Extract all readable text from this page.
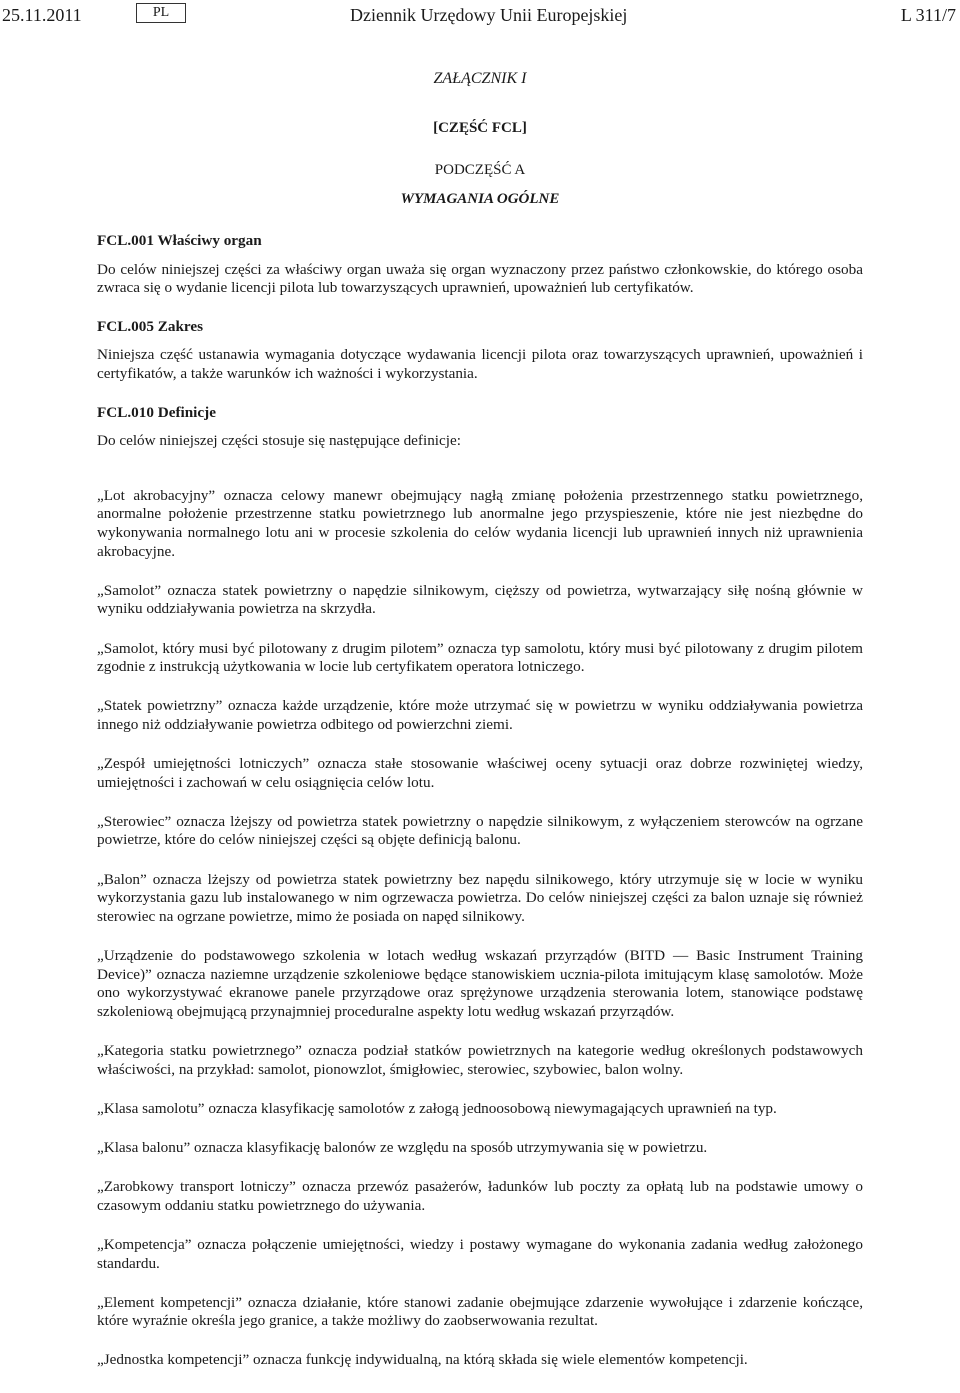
25.11.2011	PL	Dziennik Urzędowy Unii Europejskiej	L 311/7
ZAŁĄCZNIK I
[CZĘŚĆ FCL]
PODCZĘŚĆ A
WYMAGANIA OGÓLNE
FCL.001 Właściwy organ

Do celów niniejszej części za właściwy organ uważa się organ wyznaczony przez państwo członkowskie, do którego osoba zwraca się o wydanie licencji pilota lub towarzyszących uprawnień, upoważnień lub certyfikatów.

FCL.005 Zakres

Niniejsza część ustanawia wymagania dotyczące wydawania licencji pilota oraz towarzyszących uprawnień, upoważnień i certyfikatów, a także warunków ich ważności i wykorzystania.

FCL.010 Definicje

Do celów niniejszej części stosuje się następujące definicje:

„Lot akrobacyjny” oznacza celowy manewr obejmujący nagłą zmianę położenia przestrzennego statku powietrznego, anormalne położenie przestrzenne statku powietrznego lub anormalne jego przyspieszenie, które nie jest niezbędne do wykonywania normalnego lotu ani w procesie szkolenia do celów wydania licencji lub uprawnień innych niż uprawnienia akrobacyjne.

„Samolot” oznacza statek powietrzny o napędzie silnikowym, cięższy od powietrza, wytwarzający siłę nośną głównie w wyniku oddziaływania powietrza na skrzydła.

„Samolot, który musi być pilotowany z drugim pilotem” oznacza typ samolotu, który musi być pilotowany z drugim pilotem zgodnie z instrukcją użytkowania w locie lub certyfikatem operatora lotniczego.

„Statek powietrzny” oznacza każde urządzenie, które może utrzymać się w powietrzu w wyniku oddziaływania powietrza innego niż oddziaływanie powietrza odbitego od powierzchni ziemi.

„Zespół umiejętności lotniczych” oznacza stałe stosowanie właściwej oceny sytuacji oraz dobrze rozwiniętej wiedzy, umiejętności i zachowań w celu osiągnięcia celów lotu.

„Sterowiec” oznacza lżejszy od powietrza statek powietrzny o napędzie silnikowym, z wyłączeniem sterowców na ogrzane powietrze, które do celów niniejszej części są objęte definicją balonu.

„Balon” oznacza lżejszy od powietrza statek powietrzny bez napędu silnikowego, który utrzymuje się w locie w wyniku wykorzystania gazu lub instalowanego w nim ogrzewacza powietrza. Do celów niniejszej części za balon uznaje się również sterowiec na ogrzane powietrze, mimo że posiada on napęd silnikowy.

„Urządzenie do podstawowego szkolenia w lotach według wskazań przyrządów (BITD — Basic Instrument Training Device)” oznacza naziemne urządzenie szkoleniowe będące stanowiskiem ucznia-pilota imitującym klasę samolotów. Może ono wykorzystywać ekranowe panele przyrządowe oraz sprężynowe urządzenia sterowania lotem, stanowiące podstawę szkoleniową obejmującą przynajmniej proceduralne aspekty lotu według wskazań przyrządów.

„Kategoria statku powietrznego” oznacza podział statków powietrznych na kategorie według określonych podstawowych właściwości, na przykład: samolot, pionowzlot, śmigłowiec, sterowiec, szybowiec, balon wolny.

„Klasa samolotu” oznacza klasyfikację samolotów z załogą jednoosobową niewymagających uprawnień na typ.

„Klasa balonu” oznacza klasyfikację balonów ze względu na sposób utrzymywania się w powietrzu.

„Zarobkowy transport lotniczy” oznacza przewóz pasażerów, ładunków lub poczty za opłatą lub na podstawie umowy o czasowym oddaniu statku powietrznego do używania.

„Kompetencja” oznacza połączenie umiejętności, wiedzy i postawy wymagane do wykonania zadania według założonego standardu.

„Element kompetencji” oznacza działanie, które stanowi zadanie obejmujące zdarzenie wywołujące i zdarzenie kończące, które wyraźnie określa jego granice, a także możliwy do zaobserwowania rezultat.

„Jednostka kompetencji” oznacza funkcję indywidualną, na którą składa się wiele elementów kompetencji.
